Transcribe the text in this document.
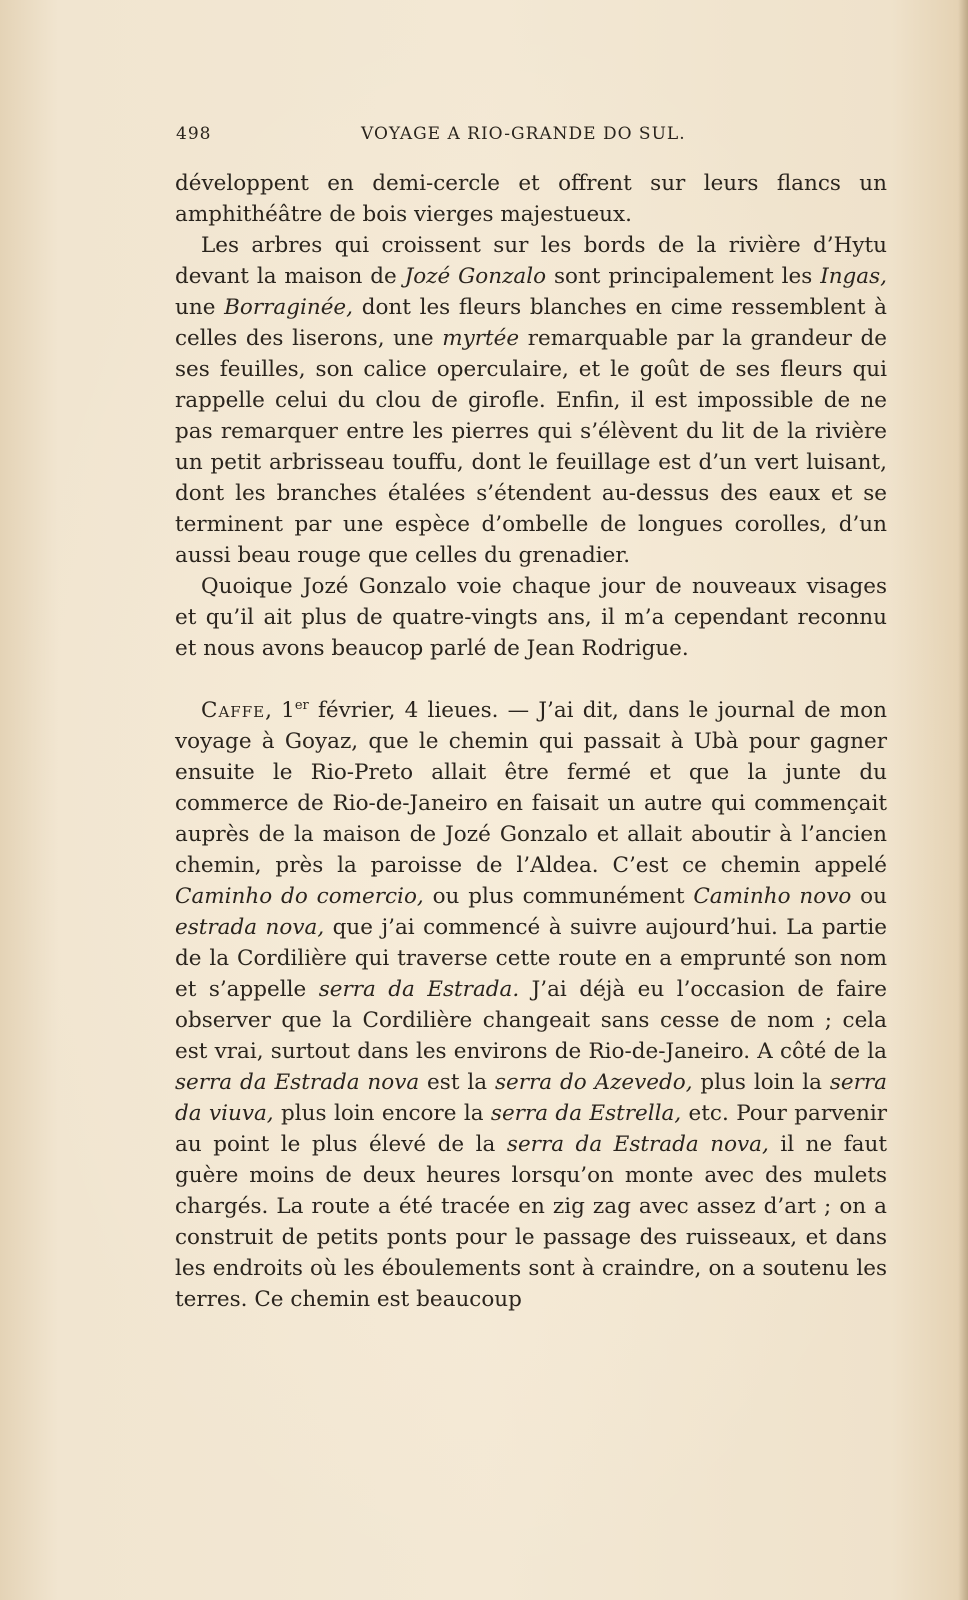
498	VOYAGE A RIO-GRANDE DO SUL.

développent en demi-cercle et offrent sur leurs flancs un amphithéâtre de bois vierges majestueux.

Les arbres qui croissent sur les bords de la rivière d’Hytu devant la maison de Jozé Gonzalo sont principalement les Ingas, une Borraginée, dont les fleurs blanches en cime ressemblent à celles des liserons, une myrtée remarquable par la grandeur de ses feuilles, son calice operculaire, et le goût de ses fleurs qui rappelle celui du clou de girofle. Enfin, il est impossible de ne pas remarquer entre les pierres qui s’élèvent du lit de la rivière un petit arbrisseau touffu, dont le feuillage est d’un vert luisant, dont les branches étalées s’étendent au-dessus des eaux et se terminent par une espèce d’ombelle de longues corolles, d’un aussi beau rouge que celles du grenadier.

Quoique Jozé Gonzalo voie chaque jour de nouveaux visages et qu’il ait plus de quatre-vingts ans, il m’a cependant reconnu et nous avons beaucop parlé de Jean Rodrigue.

Caffe, 1er février, 4 lieues. — J’ai dit, dans le journal de mon voyage à Goyaz, que le chemin qui passait à Ubà pour gagner ensuite le Rio-Preto allait être fermé et que la junte du commerce de Rio-de-Janeiro en faisait un autre qui commençait auprès de la maison de Jozé Gonzalo et allait aboutir à l’ancien chemin, près la paroisse de l’Aldea. C’est ce chemin appelé Caminho do comercio, ou plus communément Caminho novo ou estrada nova, que j’ai commencé à suivre aujourd’hui. La partie de la Cordilière qui traverse cette route en a emprunté son nom et s’appelle serra da Estrada. J’ai déjà eu l’occasion de faire observer que la Cordilière changeait sans cesse de nom ; cela est vrai, surtout dans les environs de Rio-de-Janeiro. A côté de la serra da Estrada nova est la serra do Azevedo, plus loin la serra da viuva, plus loin encore la serra da Estrella, etc. Pour parvenir au point le plus élevé de la serra da Estrada nova, il ne faut guère moins de deux heures lorsqu’on monte avec des mulets chargés. La route a été tracée en zig zag avec assez d’art ; on a construit de petits ponts pour le passage des ruisseaux, et dans les endroits où les éboulements sont à craindre, on a soutenu les terres. Ce chemin est beaucoup
